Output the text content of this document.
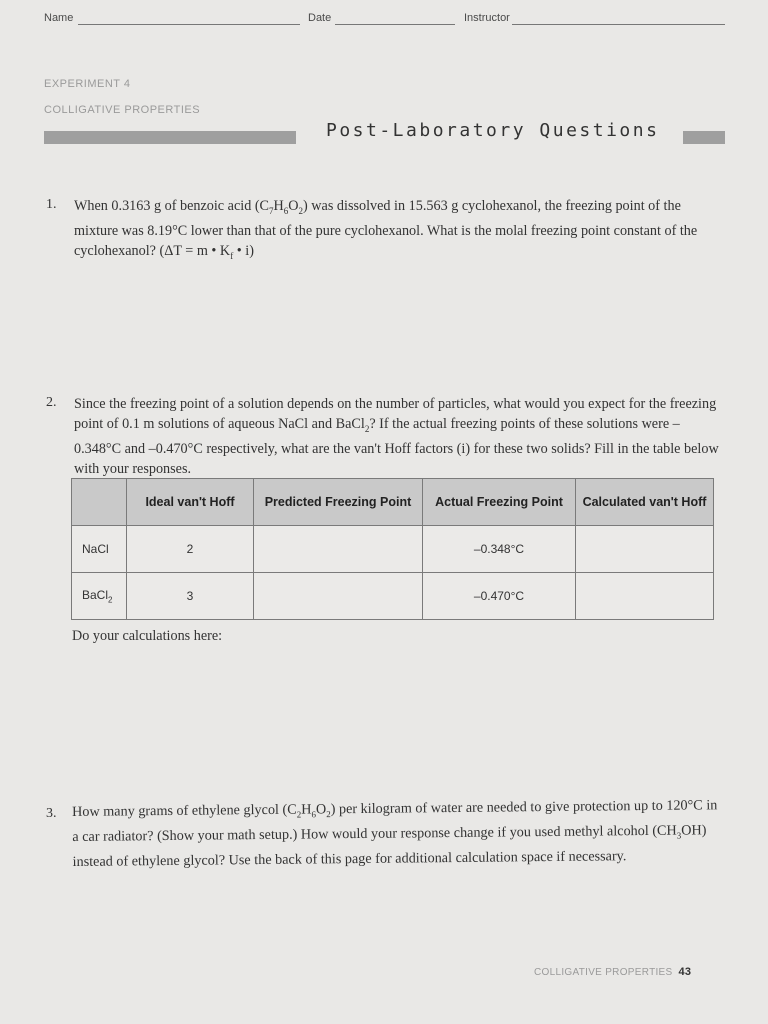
Name	Date	Instructor
EXPERIMENT 4
COLLIGATIVE PROPERTIES
Post-Laboratory Questions
1. When 0.3163 g of benzoic acid $(C_7H_6O_2)$ was dissolved in 15.563 g cyclohexanol, the freezing point of the mixture was 8.19°C lower than that of the pure cyclohexanol. What is the molal freezing point constant of the cyclohexanol? (ΔT = m • $K_f$ • i)
2. Since the freezing point of a solution depends on the number of particles, what would you expect for the freezing point of 0.1 m solutions of aqueous NaCl and BaCl$_2$? If the actual freezing points of these solutions were –0.348°C and –0.470°C respectively, what are the van't Hoff factors (i) for these two solids? Fill in the table below with your responses.
	Ideal van't Hoff	Predicted Freezing Point	Actual Freezing Point	Calculated van't Hoff
NaCl	2		–0.348°C	
BaCl$_2$	3		–0.470°C	
Do your calculations here:
3. How many grams of ethylene glycol $(C_2H_6O_2)$ per kilogram of water are needed to give protection up to 120°C in a car radiator? (Show your math setup.) How would your response change if you used methyl alcohol $(CH_3OH)$ instead of ethylene glycol? Use the back of this page for additional calculation space if necessary.
COLLIGATIVE PROPERTIES 43
